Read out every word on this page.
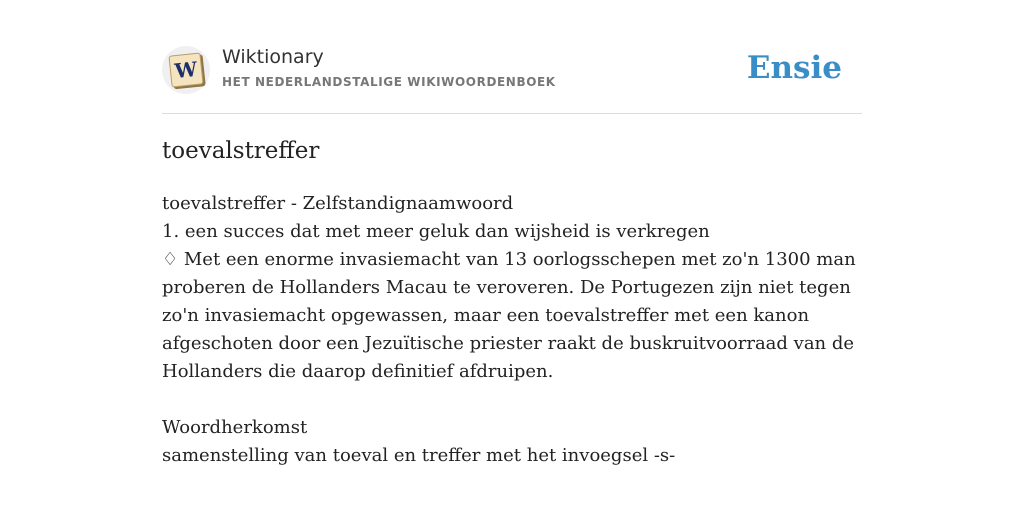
W Wiktionary
HET NEDERLANDSTALIGE WIKIWOORDENBOEK	Ensie
toevalstreffer

toevalstreffer - Zelfstandignaamwoord

1. een succes dat met meer geluk dan wijsheid is verkregen

♢ Met een enorme invasiemacht van 13 oorlogsschepen met zo'n 1300 man proberen de Hollanders Macau te veroveren. De Portugezen zijn niet tegen zo'n invasiemacht opgewassen, maar een toevalstreffer met een kanon afgeschoten door een Jezuïtische priester raakt de buskruitvoorraad van de Hollanders die daarop definitief afdruipen.

Woordherkomst

samenstelling van toeval en treffer met het invoegsel -s-
